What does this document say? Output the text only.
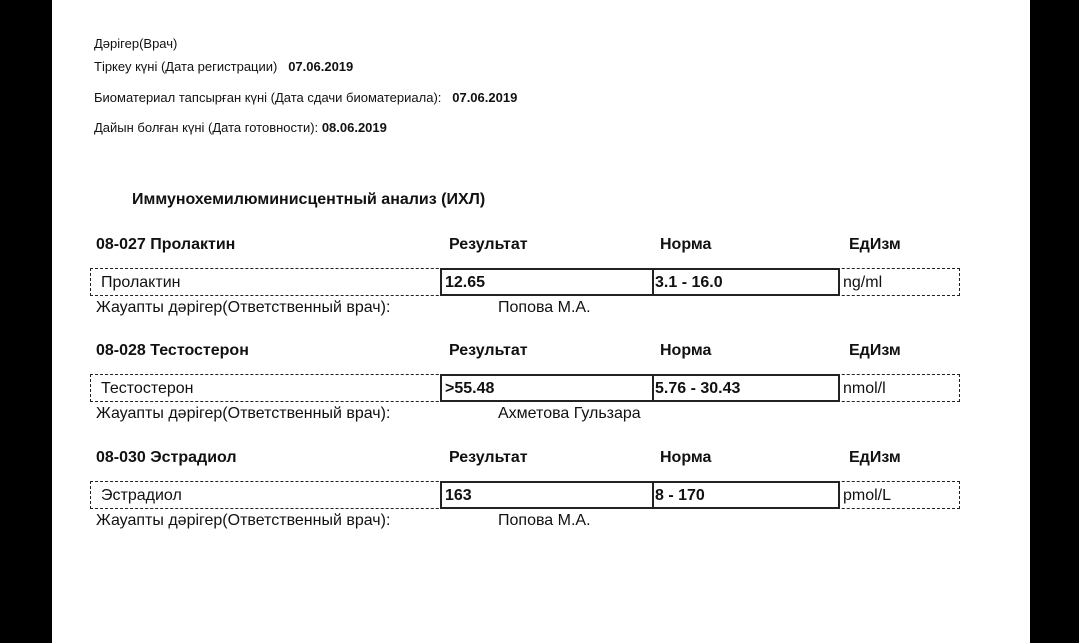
Дәрігер(Врач)
Тіркеу күні (Дата регистрации) 07.06.2019
Биоматериал тапсырған күні (Дата сдачи биоматериала): 07.06.2019
Дайын болған күні (Дата готовности): 08.06.2019
Иммунохемилюминисцентный анализ (ИХЛ)
08-027 Пролактин	Результат	Норма	ЕдИзм
Пролактин	12.65	3.1 - 16.0	ng/ml
Жауапты дәрігер(Ответственный врач):	Попова М.А.
08-028 Тестостерон	Результат	Норма	ЕдИзм
Тестостерон	>55.48	5.76 - 30.43	nmol/l
Жауапты дәрігер(Ответственный врач):	Ахметова Гульзара
08-030 Эстрадиол	Результат	Норма	ЕдИзм
Эстрадиол	163	8 - 170	pmol/L
Жауапты дәрігер(Ответственный врач):	Попова М.А.
